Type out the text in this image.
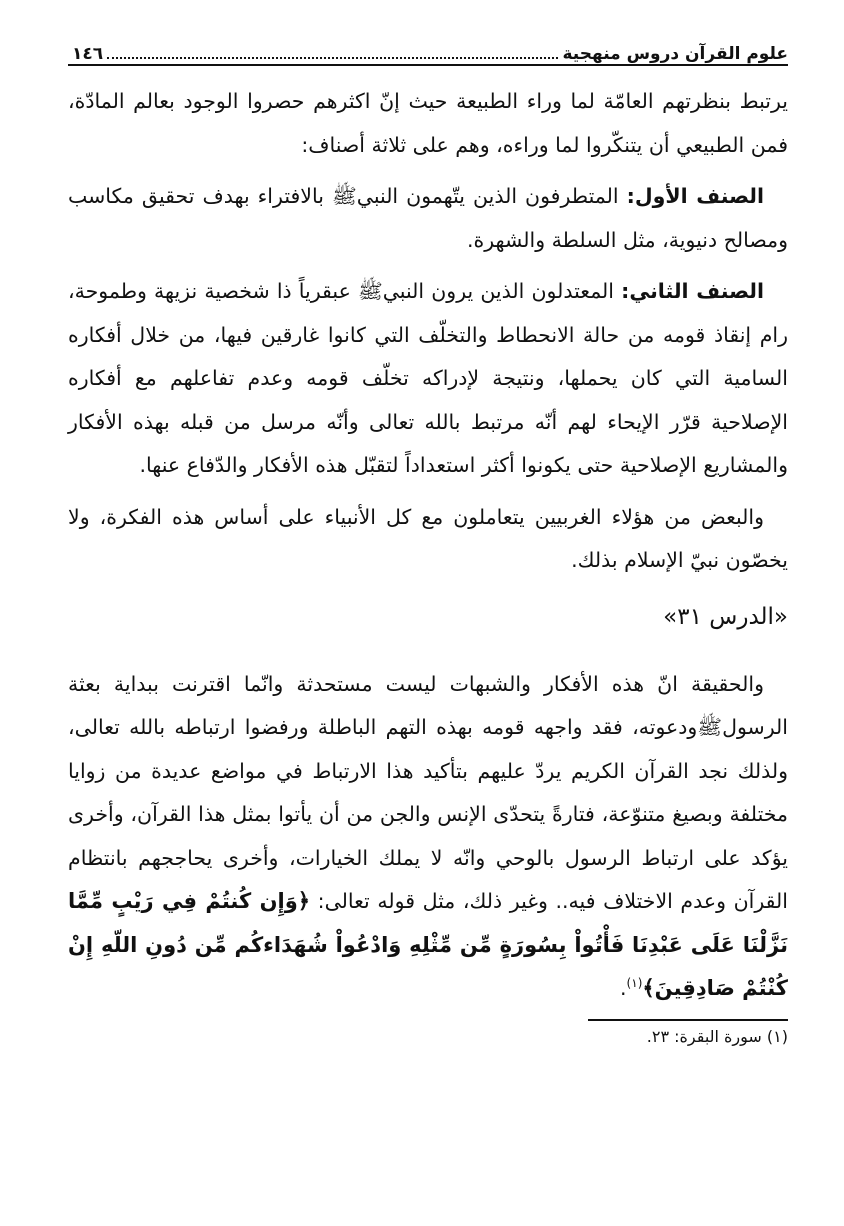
علوم القرآن دروس منهجية
١٤٦

يرتبط بنظرتهم العامّة لما وراء الطبيعة حيث إنّ اكثرهم حصروا الوجود بعالم المادّة، فمن الطبيعي أن يتنكّروا لما وراءه، وهم على ثلاثة أصناف:

الصنف الأول: المتطرفون الذين يتّهمون النبيﷺ بالافتراء بهدف تحقيق مكاسب ومصالح دنيوية، مثل السلطة والشهرة.

الصنف الثاني: المعتدلون الذين يرون النبيﷺ عبقرياً ذا شخصية نزيهة وطموحة، رام إنقاذ قومه من حالة الانحطاط والتخلّف التي كانوا غارقين فيها، من خلال أفكاره السامية التي كان يحملها، ونتيجة لإدراكه تخلّف قومه وعدم تفاعلهم مع أفكاره الإصلاحية قرّر الإيحاء لهم أنّه مرتبط بالله تعالى وأنّه مرسل من قبله بهذه الأفكار والمشاريع الإصلاحية حتى يكونوا أكثر استعداداً لتقبّل هذه الأفكار والدّفاع عنها.

والبعض من هؤلاء الغربيين يتعاملون مع كل الأنبياء على أساس هذه الفكرة، ولا يخصّون نبيّ الإسلام بذلك.

«الدرس ٣١»

والحقيقة انّ هذه الأفكار والشبهات ليست مستحدثة وانّما اقترنت ببداية بعثة الرسولﷺودعوته، فقد واجهه قومه بهذه التهم الباطلة ورفضوا ارتباطه بالله تعالى، ولذلك نجد القرآن الكريم يردّ عليهم بتأكيد هذا الارتباط في مواضع عديدة من زوايا مختلفة وبصيغ متنوّعة، فتارةً يتحدّى الإنس والجن من أن يأتوا بمثل هذا القرآن، وأخرى يؤكد على ارتباط الرسول بالوحي وانّه لا يملك الخيارات، وأخرى يحاججهم بانتظام القرآن وعدم الاختلاف فيه.. وغير ذلك، مثل قوله تعالى: ﴿وَإِن كُنتُمْ فِي رَيْبٍ مِّمَّا نَزَّلْنَا عَلَى عَبْدِنَا فَأْتُواْ بِسُورَةٍ مِّن مِّثْلِهِ وَادْعُواْ شُهَدَاءكُم مِّن دُونِ اللّهِ إِنْ كُنْتُمْ صَادِقِينَ﴾$^{(١)}$.

(١) سورة البقرة: ٢٣.
